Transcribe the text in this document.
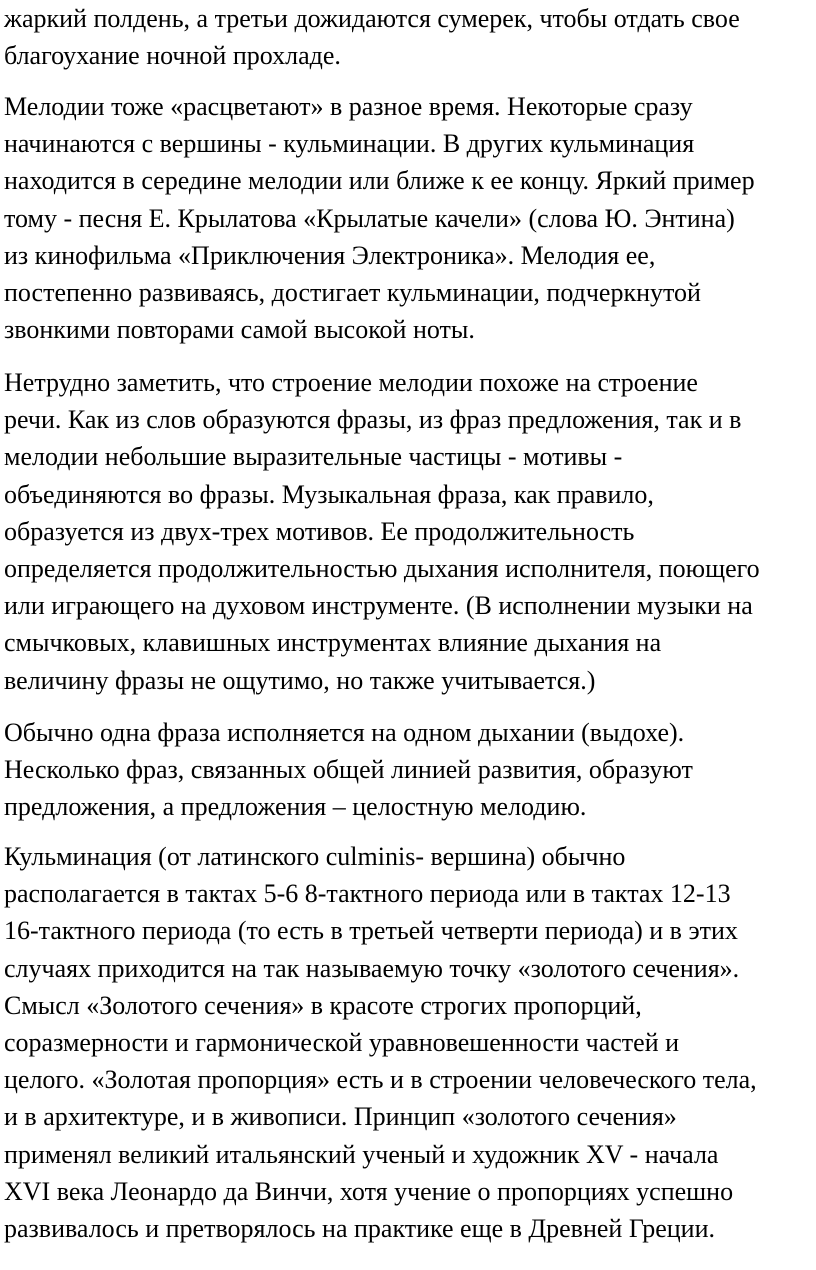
жаркий полдень, а третьи дожидаются сумерек, чтобы отдать свое
благоухание ночной прохладе.

Мелодии тоже «расцветают» в разное время. Некоторые сразу
начинаются с вершины - кульминации. В других кульминация
находится в середине мелодии или ближе к ее концу. Яркий пример
тому - песня Е. Крылатова «Крылатые качели» (слова Ю. Энтина)
из кинофильма «Приключения Электроника». Мелодия ее,
постепенно развиваясь, достигает кульминации, подчеркнутой
звонкими повторами самой высокой ноты.

Нетрудно заметить, что строение мелодии похоже на строение
речи. Как из слов образуются фразы, из фраз предложения, так и в
мелодии небольшие выразительные частицы - мотивы -
объединяются во фразы. Музыкальная фраза, как правило,
образуется из двух-трех мотивов. Ее продолжительность
определяется продолжительностью дыхания исполнителя, поющего
или играющего на духовом инструменте. (В исполнении музыки на
смычковых, клавишных инструментах влияние дыхания на
величину фразы не ощутимо, но также учитывается.)

Обычно одна фраза исполняется на одном дыхании (выдохе).
Несколько фраз, связанных общей линией развития, образуют
предложения, а предложения – целостную мелодию.

Кульминация (от латинского culminis- вершина) обычно
располагается в тактах 5-6 8-тактного периода или в тактах 12-13
16-тактного периода (то есть в третьей четверти периода) и в этих
случаях приходится на так называемую точку «золотого сечения».
Смысл «Золотого сечения» в красоте строгих пропорций,
соразмерности и гармонической уравновешенности частей и
целого. «Золотая пропорция» есть и в строении человеческого тела,
и в архитектуре, и в живописи. Принцип «золотого сечения»
применял великий итальянский ученый и художник XV - начала
XVI века Леонардо да Винчи, хотя учение о пропорциях успешно
развивалось и претворялось на практике еще в Древней Греции.
